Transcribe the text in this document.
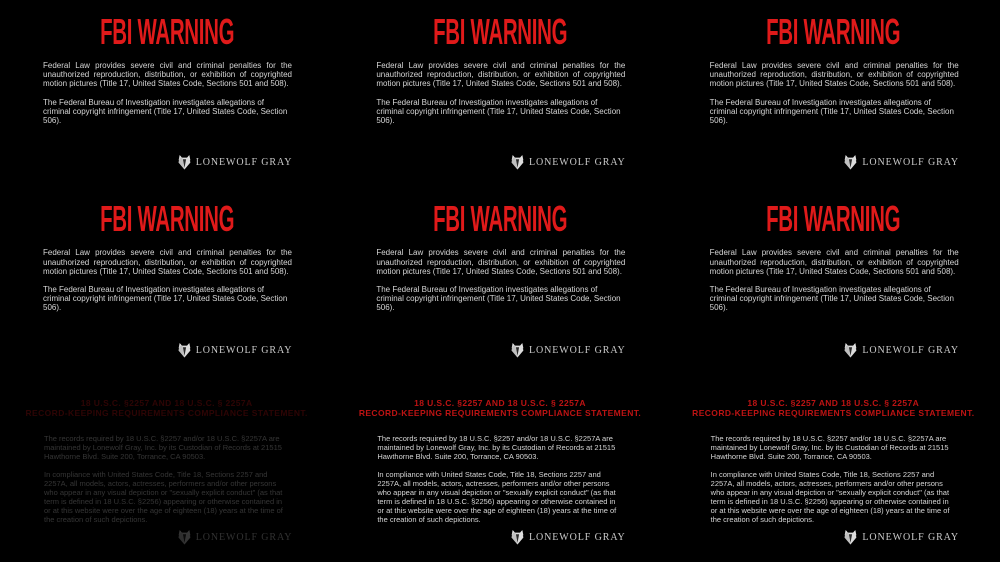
FBI WARNING

Federal Law provides severe civil and criminal penalties for the unauthorized reproduction, distribution, or exhibition of copyrighted motion pictures (Title 17, United States Code, Sections 501 and 508).

The Federal Bureau of Investigation investigates allegations of criminal copyright infringement (Title 17, United States Code, Section 506).

LONEWOLF GRAY
FBI WARNING

Federal Law provides severe civil and criminal penalties for the unauthorized reproduction, distribution, or exhibition of copyrighted motion pictures (Title 17, United States Code, Sections 501 and 508).

The Federal Bureau of Investigation investigates allegations of criminal copyright infringement (Title 17, United States Code, Section 506).

LONEWOLF GRAY
FBI WARNING

Federal Law provides severe civil and criminal penalties for the unauthorized reproduction, distribution, or exhibition of copyrighted motion pictures (Title 17, United States Code, Sections 501 and 508).

The Federal Bureau of Investigation investigates allegations of criminal copyright infringement (Title 17, United States Code, Section 506).

LONEWOLF GRAY
FBI WARNING

Federal Law provides severe civil and criminal penalties for the unauthorized reproduction, distribution, or exhibition of copyrighted motion pictures (Title 17, United States Code, Sections 501 and 508).

The Federal Bureau of Investigation investigates allegations of criminal copyright infringement (Title 17, United States Code, Section 506).

LONEWOLF GRAY
FBI WARNING

Federal Law provides severe civil and criminal penalties for the unauthorized reproduction, distribution, or exhibition of copyrighted motion pictures (Title 17, United States Code, Sections 501 and 508).

The Federal Bureau of Investigation investigates allegations of criminal copyright infringement (Title 17, United States Code, Section 506).

LONEWOLF GRAY
FBI WARNING

Federal Law provides severe civil and criminal penalties for the unauthorized reproduction, distribution, or exhibition of copyrighted motion pictures (Title 17, United States Code, Sections 501 and 508).

The Federal Bureau of Investigation investigates allegations of criminal copyright infringement (Title 17, United States Code, Section 506).

LONEWOLF GRAY
18 U.S.C. §2257 AND 18 U.S.C. § 2257A
RECORD-KEEPING REQUIREMENTS COMPLIANCE STATEMENT.

The records required by 18 U.S.C. §2257 and/or 18 U.S.C. §2257A are maintained by Lonewolf Gray, Inc. by its Custodian of Records at 21515 Hawthorne Blvd. Suite 200, Torrance, CA 90503.

In compliance with United States Code, Title 18, Sections 2257 and 2257A, all models, actors, actresses, performers and/or other persons who appear in any visual depiction or "sexually explicit conduct" (as that term is defined in 18 U.S.C. §2256) appearing or otherwise contained in or at this website were over the age of eighteen (18) years at the time of the creation of such depictions.

LONEWOLF GRAY
18 U.S.C. §2257 AND 18 U.S.C. § 2257A
RECORD-KEEPING REQUIREMENTS COMPLIANCE STATEMENT.

The records required by 18 U.S.C. §2257 and/or 18 U.S.C. §2257A are maintained by Lonewolf Gray, Inc. by its Custodian of Records at 21515 Hawthorne Blvd. Suite 200, Torrance, CA 90503.

In compliance with United States Code, Title 18, Sections 2257 and 2257A, all models, actors, actresses, performers and/or other persons who appear in any visual depiction or "sexually explicit conduct" (as that term is defined in 18 U.S.C. §2256) appearing or otherwise contained in or at this website were over the age of eighteen (18) years at the time of the creation of such depictions.

LONEWOLF GRAY
18 U.S.C. §2257 AND 18 U.S.C. § 2257A
RECORD-KEEPING REQUIREMENTS COMPLIANCE STATEMENT.

The records required by 18 U.S.C. §2257 and/or 18 U.S.C. §2257A are maintained by Lonewolf Gray, Inc. by its Custodian of Records at 21515 Hawthorne Blvd. Suite 200, Torrance, CA 90503.

In compliance with United States Code, Title 18, Sections 2257 and 2257A, all models, actors, actresses, performers and/or other persons who appear in any visual depiction or "sexually explicit conduct" (as that term is defined in 18 U.S.C. §2256) appearing or otherwise contained in or at this website were over the age of eighteen (18) years at the time of the creation of such depictions.

LONEWOLF GRAY
